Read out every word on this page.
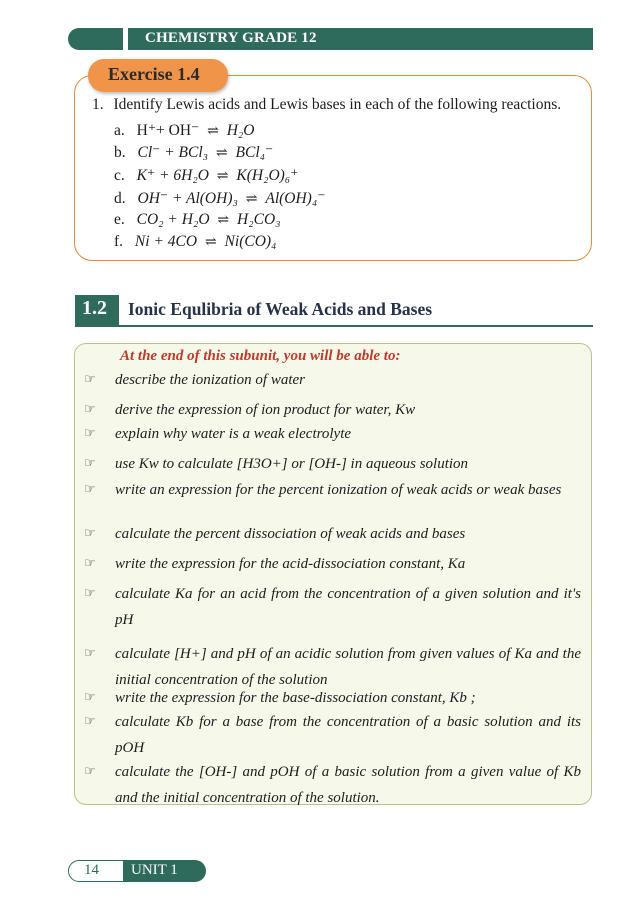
CHEMISTRY GRADE 12
Exercise 1.4
1. Identify Lewis acids and Lewis bases in each of the following reactions.
a. H⁺+ OH⁻ ⇌ H₂O
b. Cl⁻ + BCl₃ ⇌ BCl₄⁻
c. K⁺ + 6H₂O ⇌ K(H₂O)₆⁺
d. OH⁻ + Al(OH)₃ ⇌ Al(OH)₄⁻
e. CO₂ + H₂O ⇌ H₂CO₃
f. Ni + 4CO ⇌ Ni(CO)₄
1.2 Ionic Equlibria of Weak Acids and Bases
At the end of this subunit, you will be able to:
☞ describe the ionization of water
☞ derive the expression of ion product for water, Kw
☞ explain why water is a weak electrolyte
☞ use Kw to calculate [H3O+] or [OH-] in aqueous solution
☞ write an expression for the percent ionization of weak acids or weak bases
☞ calculate the percent dissociation of weak acids and bases
☞ write the expression for the acid-dissociation constant, Ka
☞ calculate Ka for an acid from the concentration of a given solution and it's pH
☞ calculate [H+] and pH of an acidic solution from given values of Ka and the initial concentration of the solution
☞ write the expression for the base-dissociation constant, Kb ;
☞ calculate Kb for a base from the concentration of a basic solution and its pOH
☞ calculate the [OH-] and pOH of a basic solution from a given value of Kb and the initial concentration of the solution.
14 UNIT 1
